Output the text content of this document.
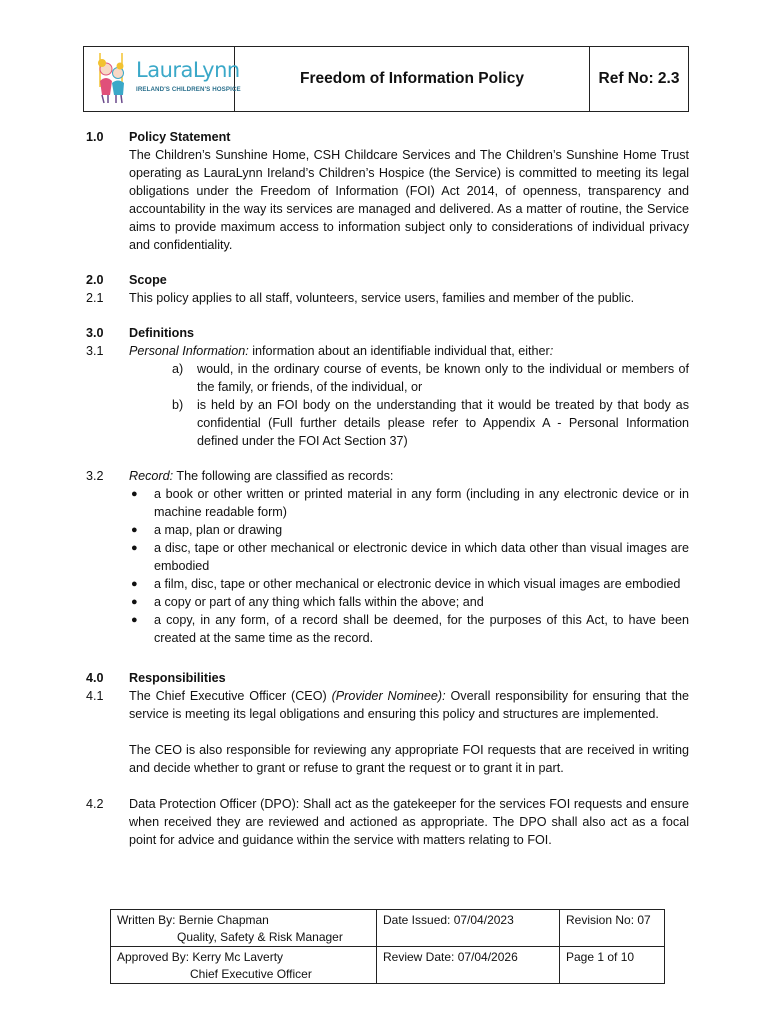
LauraLynn
IRELAND'S CHILDREN'S HOSPICE
Freedom of Information Policy	Ref No: 2.3
1.0	Policy Statement
The Children’s Sunshine Home, CSH Childcare Services and The Children’s Sunshine Home Trust operating as LauraLynn Ireland’s Children’s Hospice (the Service) is committed to meeting its legal obligations under the Freedom of Information (FOI) Act 2014, of openness, transparency and accountability in the way its services are managed and delivered. As a matter of routine, the Service aims to provide maximum access to information subject only to considerations of individual privacy and confidentiality.
2.0	Scope
2.1	This policy applies to all staff, volunteers, service users, families and member of the public.
3.0	Definitions
3.1	Personal Information: information about an identifiable individual that, either:
a)	would, in the ordinary course of events, be known only to the individual or members of the family, or friends, of the individual, or
b)	is held by an FOI body on the understanding that it would be treated by that body as confidential (Full further details please refer to Appendix A - Personal Information defined under the FOI Act Section 37)
3.2	Record: The following are classified as records:
●	a book or other written or printed material in any form (including in any electronic device or in machine readable form)
●	a map, plan or drawing
●	a disc, tape or other mechanical or electronic device in which data other than visual images are embodied
●	a film, disc, tape or other mechanical or electronic device in which visual images are embodied
●	a copy or part of any thing which falls within the above; and
●	a copy, in any form, of a record shall be deemed, for the purposes of this Act, to have been created at the same time as the record.
4.0	Responsibilities
4.1	The Chief Executive Officer (CEO) (Provider Nominee): Overall responsibility for ensuring that the service is meeting its legal obligations and ensuring this policy and structures are implemented.
The CEO is also responsible for reviewing any appropriate FOI requests that are received in writing and decide whether to grant or refuse to grant the request or to grant it in part.
4.2	Data Protection Officer (DPO): Shall act as the gatekeeper for the services FOI requests and ensure when received they are reviewed and actioned as appropriate. The DPO shall also act as a focal point for advice and guidance within the service with matters relating to FOI.
Written By: Bernie Chapman
Quality, Safety & Risk Manager	Date Issued: 07/04/2023	Revision No: 07

Approved By: Kerry Mc Laverty
Chief Executive Officer	Review Date: 07/04/2026	Page 1 of 10
